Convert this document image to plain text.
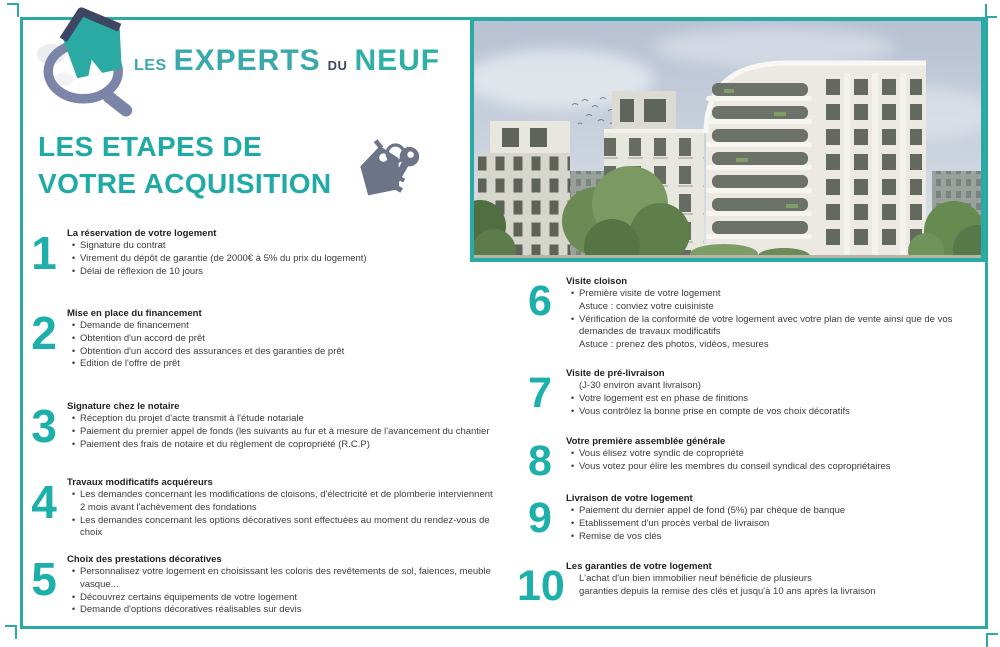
LES EXPERTS DU NEUF
LES ETAPES DE
VOTRE ACQUISITION
1	La réservation de votre logement
• Signature du contrat
• Virement du dépôt de garantie (de 2000€ à 5% du prix du logement)
• Délai de réflexion de 10 jours
2	Mise en place du financement
• Demande de financement
• Obtention d'un accord de prêt
• Obtention d'un accord des assurances et des garanties de prêt
• Edition de l'offre de prêt
3	Signature chez le notaire
• Réception du projet d'acte transmit à l'étude notariale
• Paiement du premier appel de fonds (les suivants au fur et à mesure de l'avancement du chantier
• Paiement des frais de notaire et du règlement de copropriété (R.C.P)
4	Travaux modificatifs acquéreurs
• Les demandes concernant les modifications de cloisons, d'électricité et de plomberie interviennent 2 mois avant l'achèvement des fondations
• Les demandes concernant les options décoratives sont effectuées au moment du rendez-vous de choix
5	Choix des prestations décoratives
• Personnalisez votre logement en choisissant les coloris des revêtements de sol, faiences, meuble vasque...
• Découvrez certains équipements de votre logement
• Demande d'options décoratives réalisables sur devis
6	Visite cloison
• Première visite de votre logement
Astuce : conviez votre cuisiniste
• Vérification de la conformité de votre logement avec votre plan de vente ainsi que de vos demandes de travaux modificatifs
Astuce : prenez des photos, vidéos, mesures
7	Visite de pré-livraison
(J-30 environ avant livraison)
• Votre logement est en phase de finitions
• Vous contrôlez la bonne prise en compte de vos choix décoratifs
8	Votre première assemblée générale
• Vous élisez votre syndic de copropriété
• Vous votez pour élire les membres du conseil syndical des copropriétaires
9	Livraison de votre logement
• Paiement du dernier appel de fond (5%) par chèque de banque
• Etablissement d'un procès verbal de livraison
• Remise de vos clés
10 Les garanties de votre logement
L'achat d'un bien immobilier neuf bénéficie de plusieurs
garanties depuis la remise des clés et jusqu'à 10 ans après la livraison
